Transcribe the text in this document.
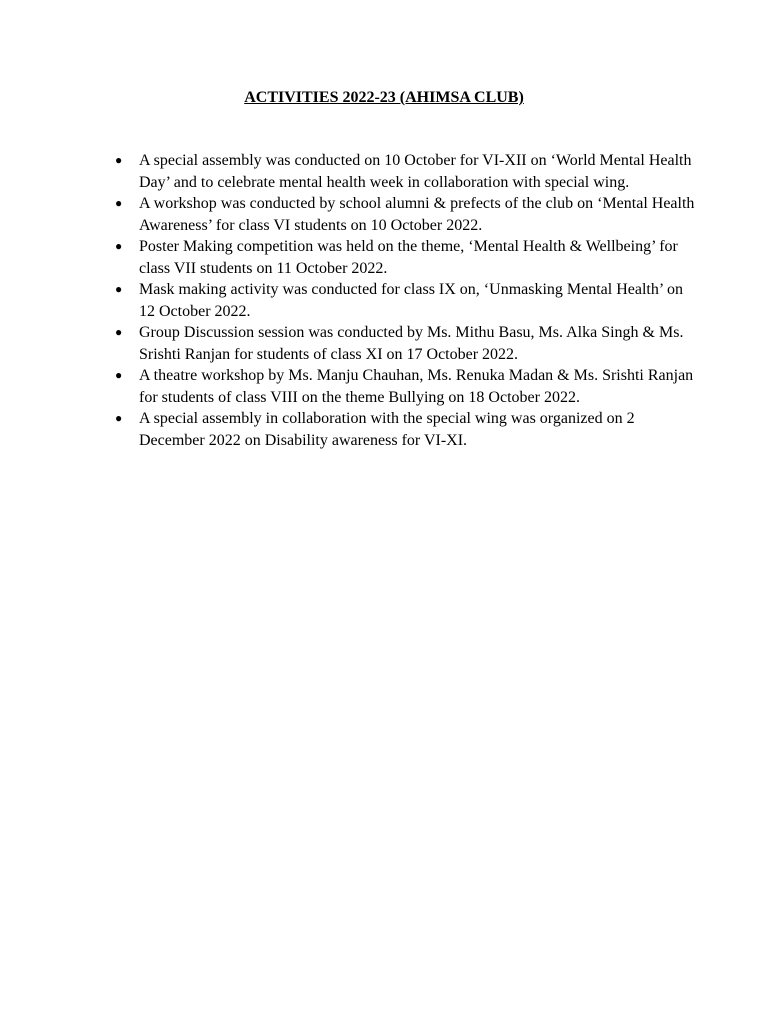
ACTIVITIES 2022-23 (AHIMSA CLUB)
● A special assembly was conducted on 10 October for VI-XII on ‘World Mental Health Day’ and to celebrate mental health week in collaboration with special wing.
● A workshop was conducted by school alumni & prefects of the club on ‘Mental Health Awareness’ for class VI students on 10 October 2022.
● Poster Making competition was held on the theme, ‘Mental Health & Wellbeing’ for class VII students on 11 October 2022.
● Mask making activity was conducted for class IX on, ‘Unmasking Mental Health’ on 12 October 2022.
● Group Discussion session was conducted by Ms. Mithu Basu, Ms. Alka Singh & Ms. Srishti Ranjan for students of class XI on 17 October 2022.
● A theatre workshop by Ms. Manju Chauhan, Ms. Renuka Madan & Ms. Srishti Ranjan for students of class VIII on the theme Bullying on 18 October 2022.
● A special assembly in collaboration with the special wing was organized on 2 December 2022 on Disability awareness for VI-XI.
